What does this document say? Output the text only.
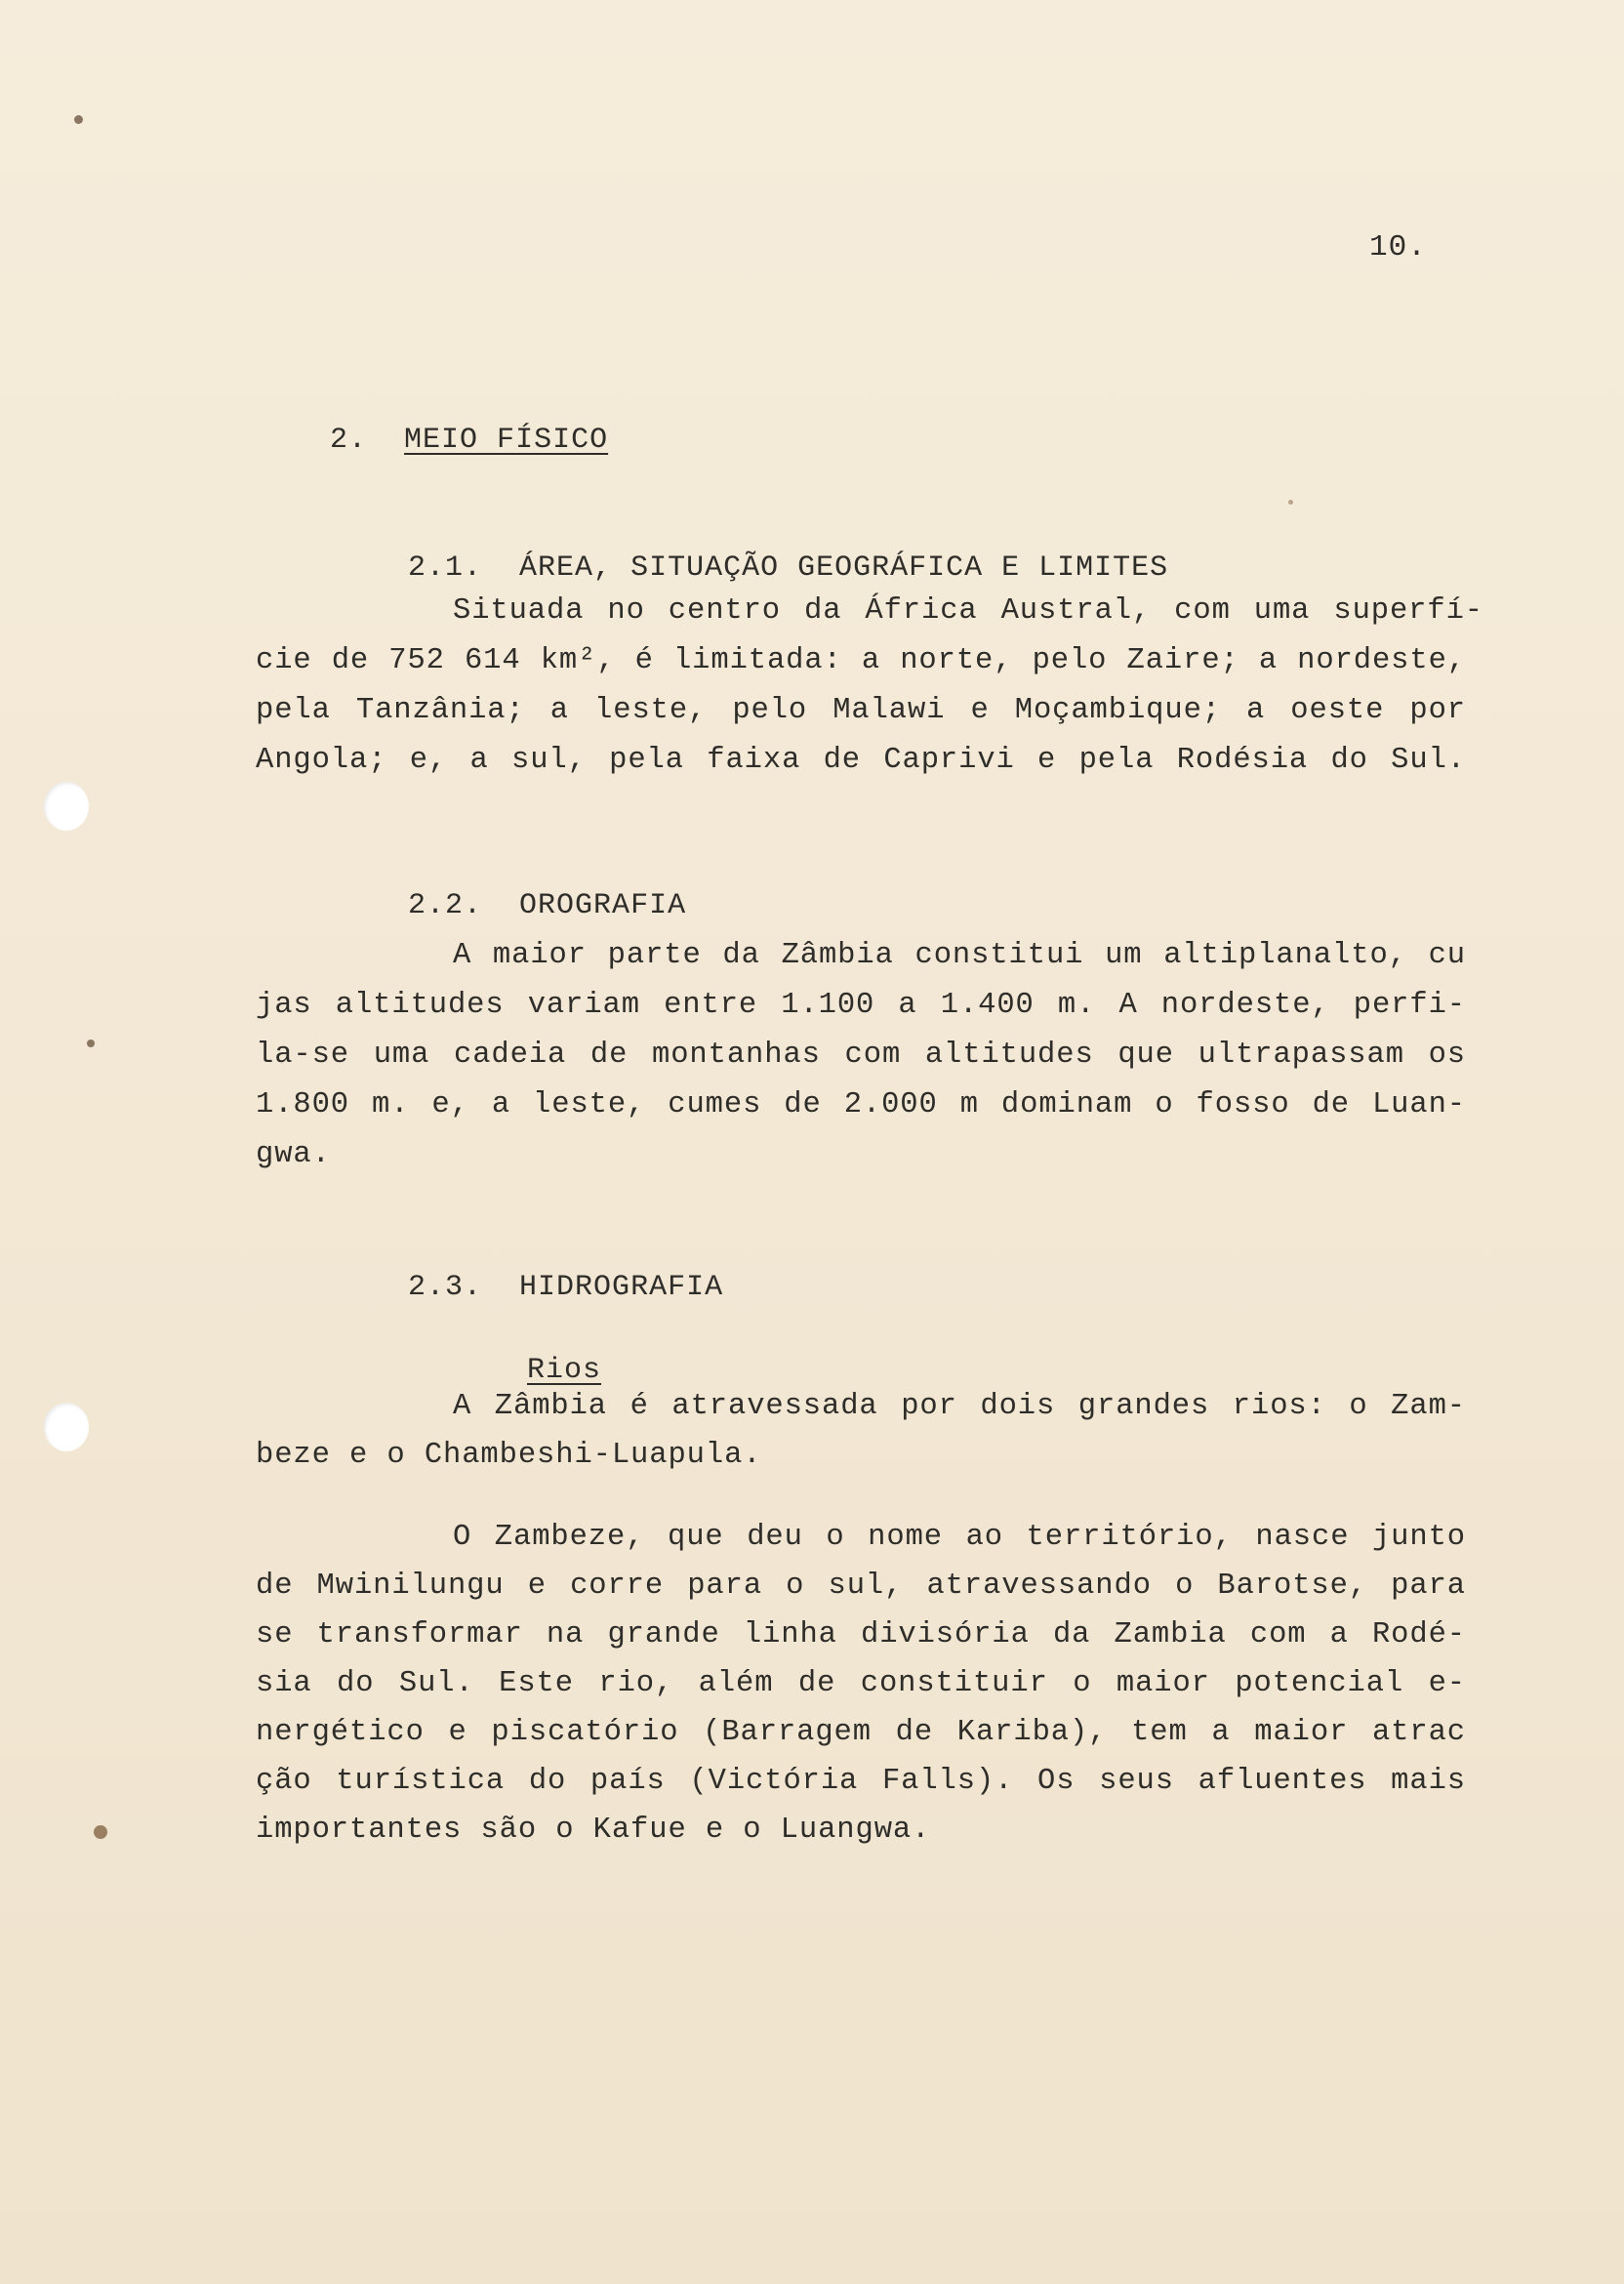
10.

2. MEIO FÍSICO

2.1. ÁREA, SITUAÇÃO GEOGRÁFICA E LIMITES

Situada no centro da África Austral, com uma superfí-
cie de 752 614 km², é limitada: a norte, pelo Zaire; a nordeste,
pela Tanzânia; a leste, pelo Malawi e Moçambique; a oeste por
Angola; e, a sul, pela faixa de Caprivi e pela Rodésia do Sul.

2.2. OROGRAFIA

A maior parte da Zâmbia constitui um altiplanalto, cu
jas altitudes variam entre 1.100 a 1.400 m. A nordeste, perfi-
la-se uma cadeia de montanhas com altitudes que ultrapassam os
1.800 m. e, a leste, cumes de 2.000 m dominam o fosso de Luan-
gwa.

2.3. HIDROGRAFIA

Rios

A Zâmbia é atravessada por dois grandes rios: o Zam-
beze e o Chambeshi-Luapula.
O Zambeze, que deu o nome ao território, nasce junto
de Mwinilungu e corre para o sul, atravessando o Barotse, para
se transformar na grande linha divisória da Zambia com a Rodé-
sia do Sul. Este rio, além de constituir o maior potencial e-
nergético e piscatório (Barragem de Kariba), tem a maior atrac
ção turística do país (Victória Falls). Os seus afluentes mais
importantes são o Kafue e o Luangwa.
